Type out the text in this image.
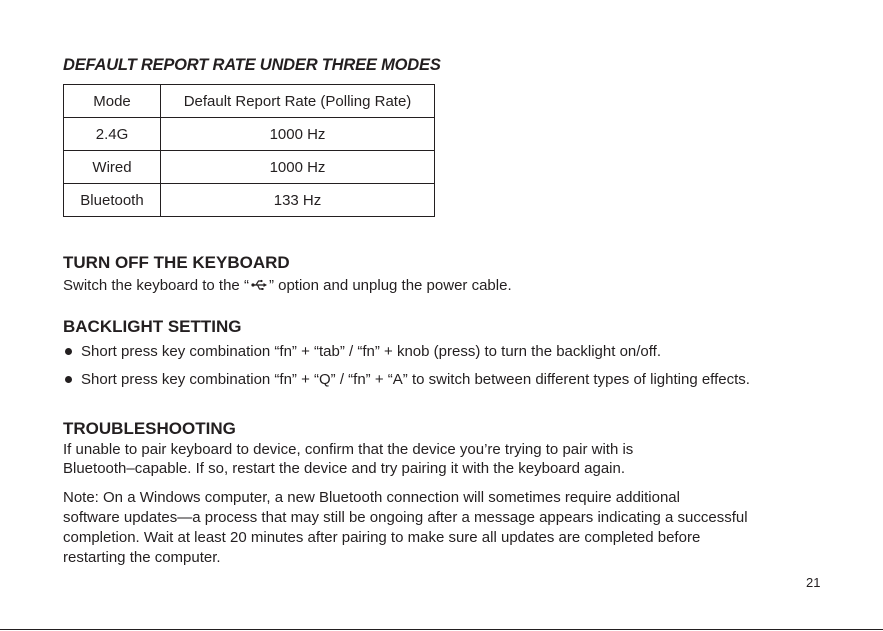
DEFAULT REPORT RATE UNDER THREE MODES
Mode	Default Report Rate (Polling Rate)
2.4G	1000 Hz
Wired	1000 Hz
Bluetooth	133 Hz
TURN OFF THE KEYBOARD
Switch the keyboard to the “ ” option and unplug the power cable.
BACKLIGHT SETTING
Short press key combination “fn” + “tab” / “fn” + knob (press) to turn the backlight on/off.
Short press key combination “fn” + “Q” / “fn” + “A” to switch between different types of lighting effects.
TROUBLESHOOTING
If unable to pair keyboard to device, confirm that the device you’re trying to pair with is
Bluetooth–capable. If so, restart the device and try pairing it with the keyboard again.
Note: On a Windows computer, a new Bluetooth connection will sometimes require additional
software updates—a process that may still be ongoing after a message appears indicating a successful
completion. Wait at least 20 minutes after pairing to make sure all updates are completed before
restarting the computer.
21
